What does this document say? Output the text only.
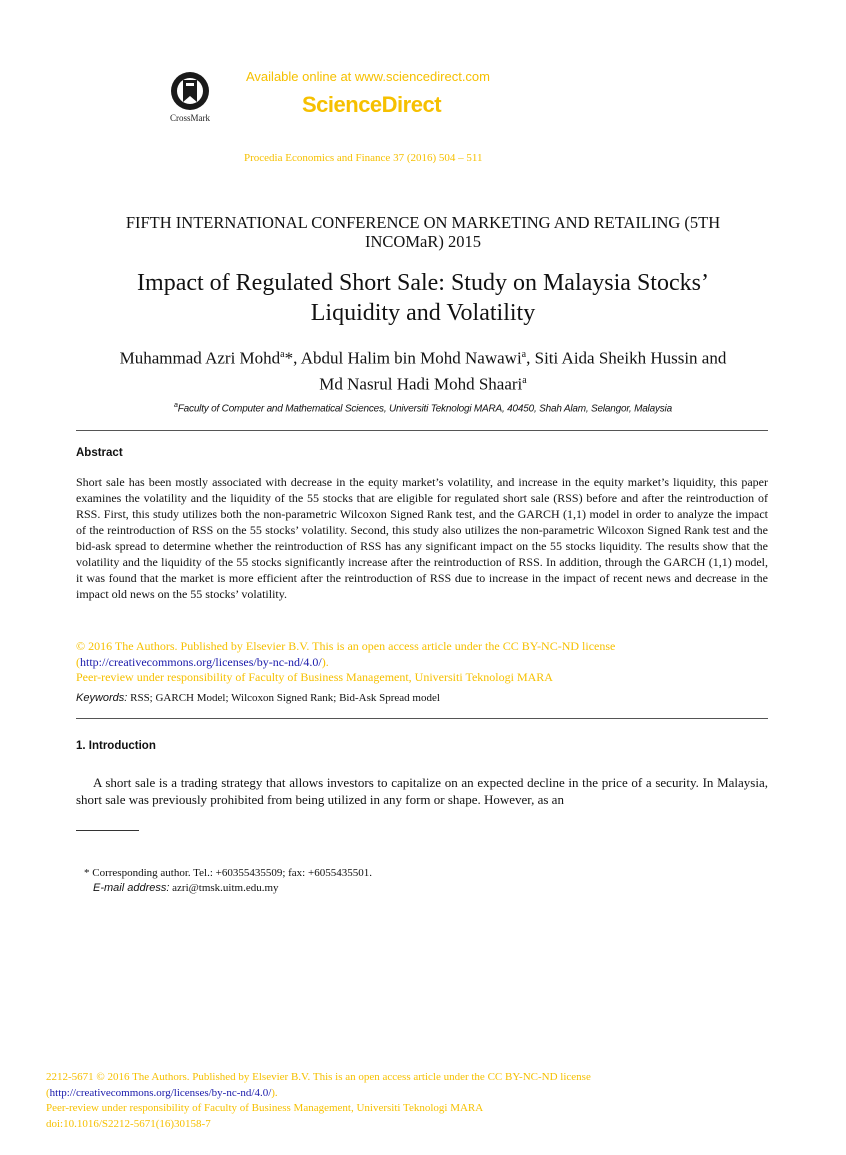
CrossMark
Available online at www.sciencedirect.com
ScienceDirect
Procedia Economics and Finance 37 (2016) 504 – 511
FIFTH INTERNATIONAL CONFERENCE ON MARKETING AND RETAILING (5TH
INCOMaR) 2015
Impact of Regulated Short Sale: Study on Malaysia Stocks’
Liquidity and Volatility
Muhammad Azri Mohd$^a$*, Abdul Halim bin Mohd Nawawi$^a$, Siti Aida Sheikh Hussin and
Md Nasrul Hadi Mohd Shaari$^a$
$^a$Faculty of Computer and Mathematical Sciences, Universiti Teknologi MARA, 40450, Shah Alam, Selangor, Malaysia
Abstract
Short sale has been mostly associated with decrease in the equity market’s volatility, and increase in the equity market’s liquidity, this paper examines the volatility and the liquidity of the 55 stocks that are eligible for regulated short sale (RSS) before and after the reintroduction of RSS. First, this study utilizes both the non-parametric Wilcoxon Signed Rank test, and the GARCH (1,1) model in order to analyze the impact of the reintroduction of RSS on the 55 stocks’ volatility. Second, this study also utilizes the non-parametric Wilcoxon Signed Rank test and the bid-ask spread to determine whether the reintroduction of RSS has any significant impact on the 55 stocks liquidity. The results show that the volatility and the liquidity of the 55 stocks significantly increase after the reintroduction of RSS. In addition, through the GARCH (1,1) model, it was found that the market is more efficient after the reintroduction of RSS due to increase in the impact of recent news and decrease in the impact old news on the 55 stocks’ volatility.
© 2016 The Authors. Published by Elsevier B.V. This is an open access article under the CC BY-NC-ND license
(http://creativecommons.org/licenses/by-nc-nd/4.0/).
Peer-review under responsibility of Faculty of Business Management, Universiti Teknologi MARA
Keywords: RSS; GARCH Model; Wilcoxon Signed Rank; Bid-Ask Spread model
1. Introduction
A short sale is a trading strategy that allows investors to capitalize on an expected decline in the price of a security. In Malaysia, short sale was previously prohibited from being utilized in any form or shape. However, as an
* Corresponding author. Tel.: +60355435509; fax: +6055435501.
E-mail address: azri@tmsk.uitm.edu.my
2212-5671 © 2016 The Authors. Published by Elsevier B.V. This is an open access article under the CC BY-NC-ND license
(http://creativecommons.org/licenses/by-nc-nd/4.0/).
Peer-review under responsibility of Faculty of Business Management, Universiti Teknologi MARA
doi:10.1016/S2212-5671(16)30158-7
